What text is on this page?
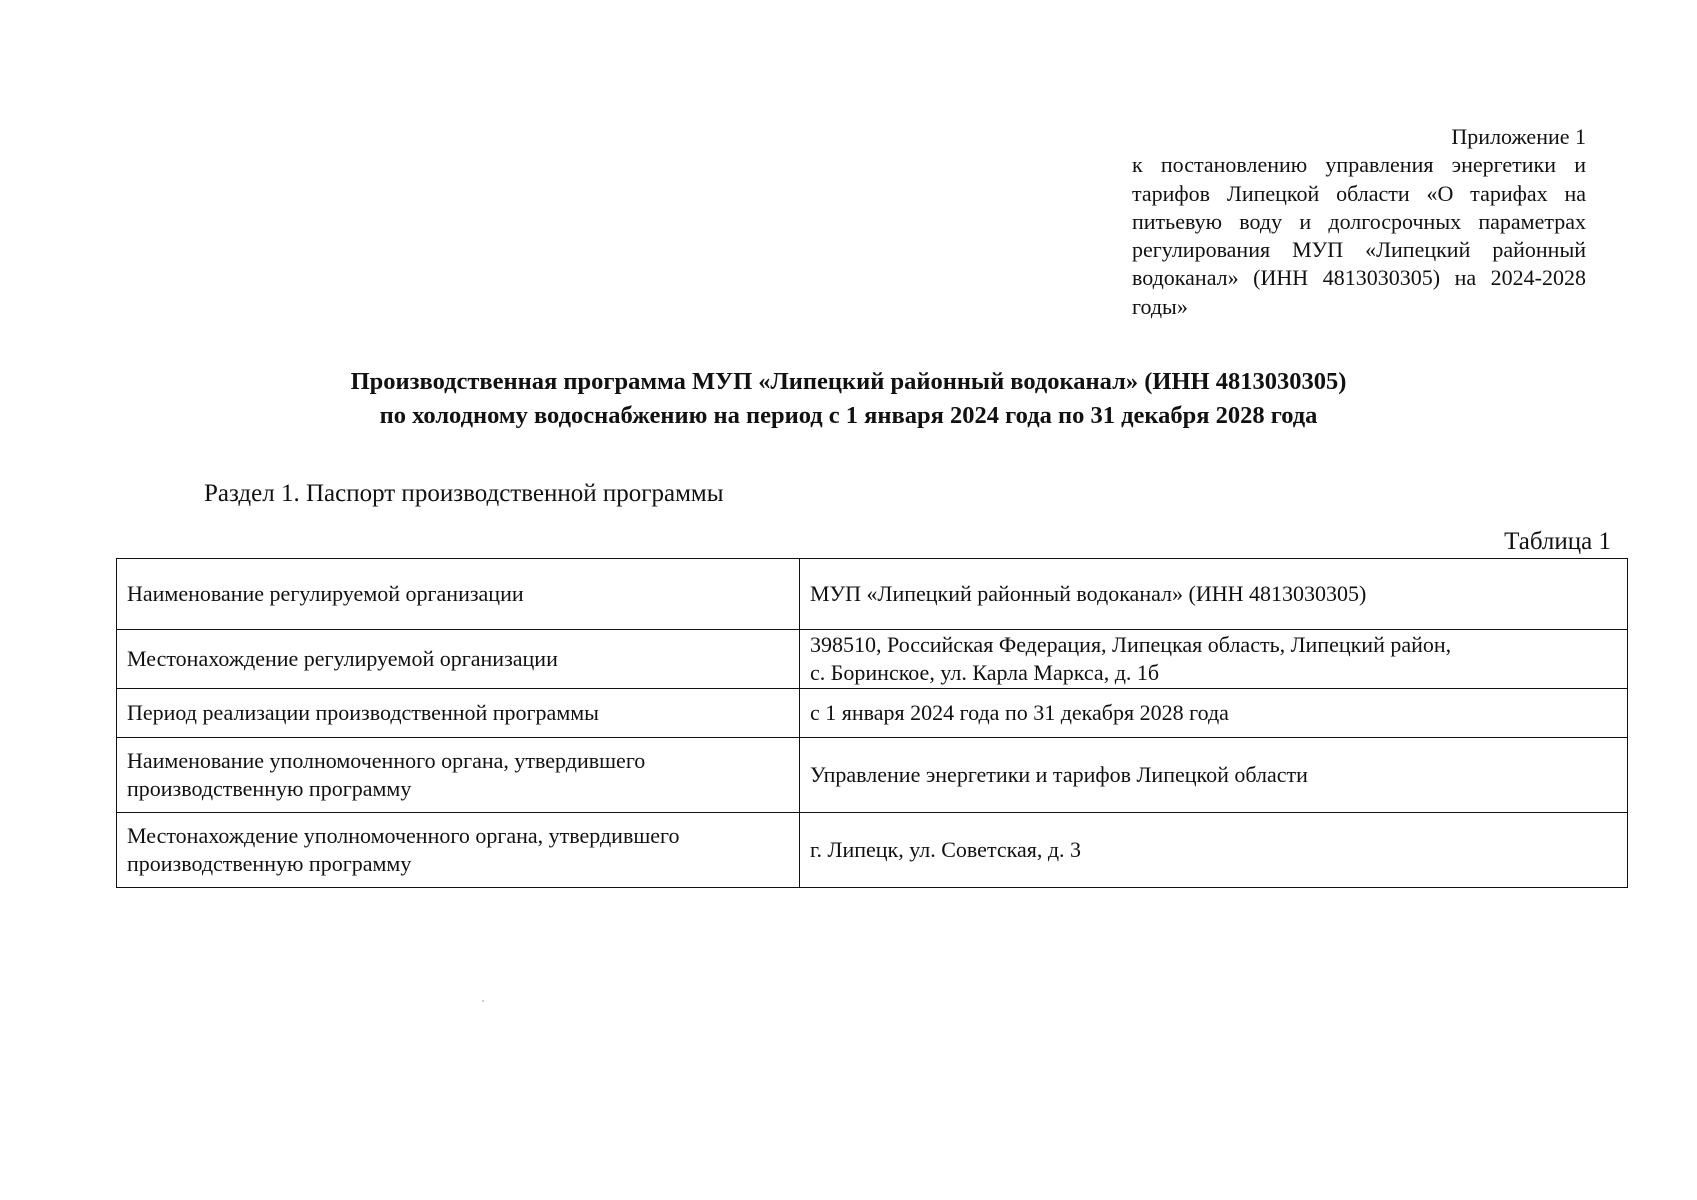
Приложение 1
к постановлению управления энергетики и тарифов Липецкой области «О тарифах на питьевую воду и долгосрочных параметрах регулирования МУП «Липецкий районный водоканал» (ИНН 4813030305) на 2024-2028 годы»
Производственная программа МУП «Липецкий районный водоканал» (ИНН 4813030305)
по холодному водоснабжению на период с 1 января 2024 года по 31 декабря 2028 года
Раздел 1. Паспорт производственной программы
Таблица 1
Наименование регулируемой организации	МУП «Липецкий районный водоканал» (ИНН 4813030305)

Местонахождение регулируемой организации	398510, Российская Федерация, Липецкая область, Липецкий район,
с. Боринское, ул. Карла Маркса, д. 1б

Период реализации производственной программы	с 1 января 2024 года по 31 декабря 2028 года

Наименование уполномоченного органа, утвердившего производственную программу	Управление энергетики и тарифов Липецкой области

Местонахождение уполномоченного органа, утвердившего производственную программу	г. Липецк, ул. Советская, д. 3
